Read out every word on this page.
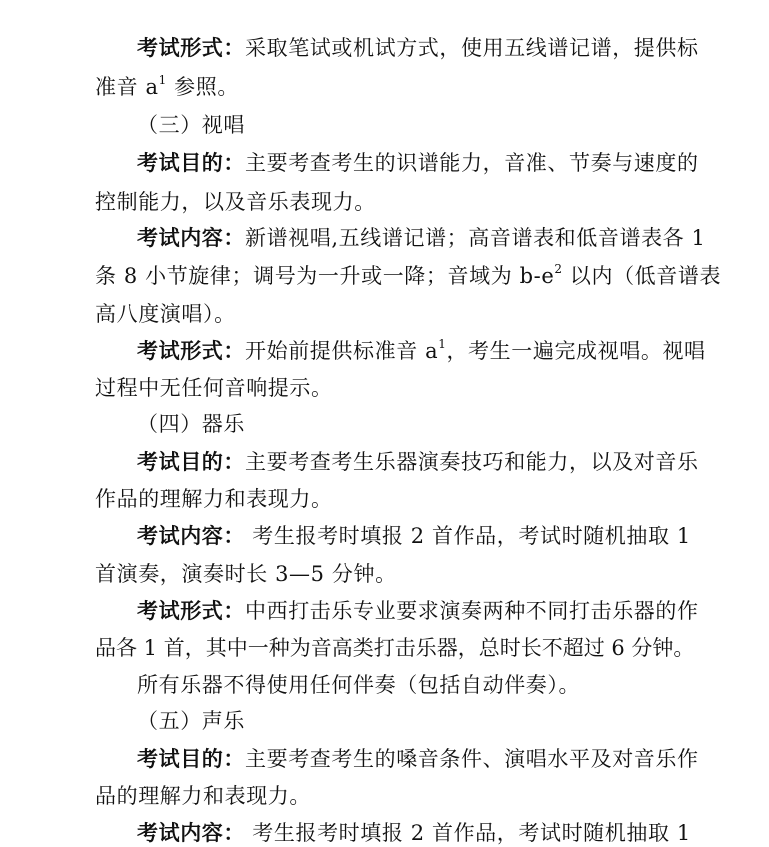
考试形式：采取笔试或机试方式，使用五线谱记谱，提供标
准音 $a^1$ 参照。
（三）视唱
考试目的：主要考查考生的识谱能力，音准、节奏与速度的
控制能力，以及音乐表现力。
考试内容：新谱视唱,五线谱记谱；高音谱表和低音谱表各 1
条 8 小节旋律；调号为一升或一降；音域为 $b-e^2$ 以内（低音谱表
高八度演唱）。
考试形式：开始前提供标准音 $a^1$，考生一遍完成视唱。视唱
过程中无任何音响提示。
（四）器乐
考试目的：主要考查考生乐器演奏技巧和能力，以及对音乐
作品的理解力和表现力。
考试内容： 考生报考时填报 2 首作品，考试时随机抽取 1
首演奏，演奏时长 3—5 分钟。
考试形式：中西打击乐专业要求演奏两种不同打击乐器的作
品各 1 首，其中一种为音高类打击乐器，总时长不超过 6 分钟。
所有乐器不得使用任何伴奏（包括自动伴奏）。
（五）声乐
考试目的：主要考查考生的嗓音条件、演唱水平及对音乐作
品的理解力和表现力。
考试内容： 考生报考时填报 2 首作品，考试时随机抽取 1
